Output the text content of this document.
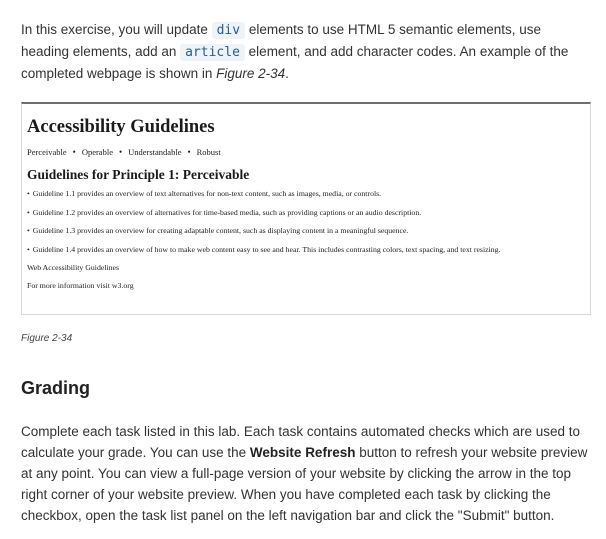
In this exercise, you will update div elements to use HTML 5 semantic elements, use heading elements, add an article element, and add character codes. An example of the completed webpage is shown in Figure 2-34.

Accessibility Guidelines
Perceivable • Operable • Understandable • Robust
Guidelines for Principle 1: Perceivable
• Guideline 1.1 provides an overview of text alternatives for non-text content, such as images, media, or controls.
• Guideline 1.2 provides an overview of alternatives for time-based media, such as providing captions or an audio description.
• Guideline 1.3 provides an overview for creating adaptable content, such as displaying content in a meaningful sequence.
• Guideline 1.4 provides an overview of how to make web content easy to see and hear. This includes contrasting colors, text spacing, and text resizing.
Web Accessibility Guidelines
For more information visit w3.org
Figure 2-34
Grading

Complete each task listed in this lab. Each task contains automated checks which are used to calculate your grade. You can use the Website Refresh button to refresh your website preview at any point. You can view a full-page version of your website by clicking the arrow in the top right corner of your website preview. When you have completed each task by clicking the checkbox, open the task list panel on the left navigation bar and click the "Submit" button.
